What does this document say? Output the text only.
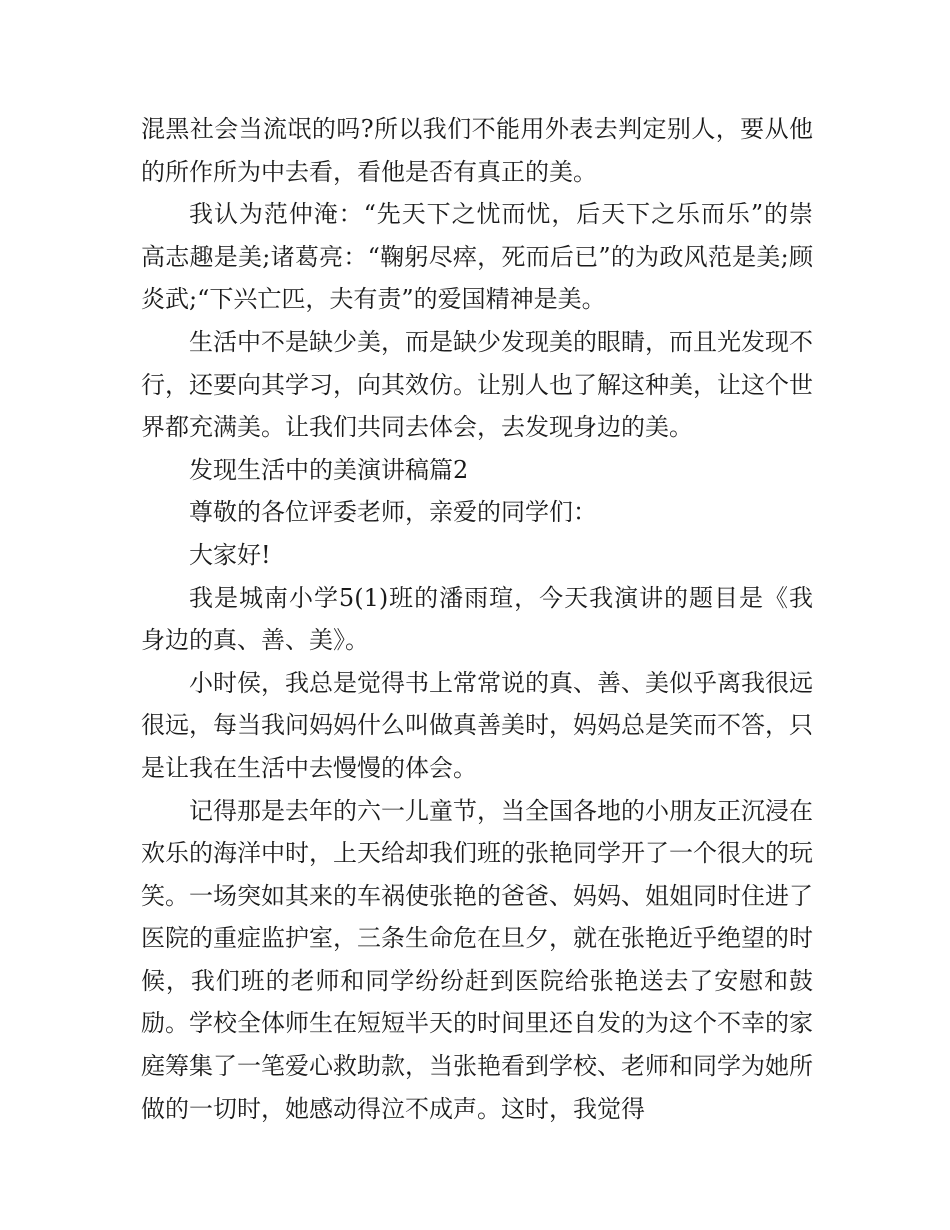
混黑社会当流氓的吗?所以我们不能用外表去判定别人，要从他的所作所为中去看，看他是否有真正的美。

我认为范仲淹：“先天下之忧而忧，后天下之乐而乐”的崇高志趣是美;诸葛亮：“鞠躬尽瘁，死而后已”的为政风范是美;顾炎武;“下兴亡匹，夫有责”的爱国精神是美。

生活中不是缺少美，而是缺少发现美的眼睛，而且光发现不行，还要向其学习，向其效仿。让别人也了解这种美，让这个世界都充满美。让我们共同去体会，去发现身边的美。

发现生活中的美演讲稿篇2

尊敬的各位评委老师，亲爱的同学们：

大家好!

我是城南小学5(1)班的潘雨瑄，今天我演讲的题目是《我身边的真、善、美》。

小时侯，我总是觉得书上常常说的真、善、美似乎离我很远很远，每当我问妈妈什么叫做真善美时，妈妈总是笑而不答，只是让我在生活中去慢慢的体会。

记得那是去年的六一儿童节，当全国各地的小朋友正沉浸在欢乐的海洋中时，上天给却我们班的张艳同学开了一个很大的玩笑。一场突如其来的车祸使张艳的爸爸、妈妈、姐姐同时住进了医院的重症监护室，三条生命危在旦夕，就在张艳近乎绝望的时候，我们班的老师和同学纷纷赶到医院给张艳送去了安慰和鼓励。学校全体师生在短短半天的时间里还自发的为这个不幸的家庭筹集了一笔爱心救助款，当张艳看到学校、老师和同学为她所做的一切时，她感动得泣不成声。这时，我觉得
